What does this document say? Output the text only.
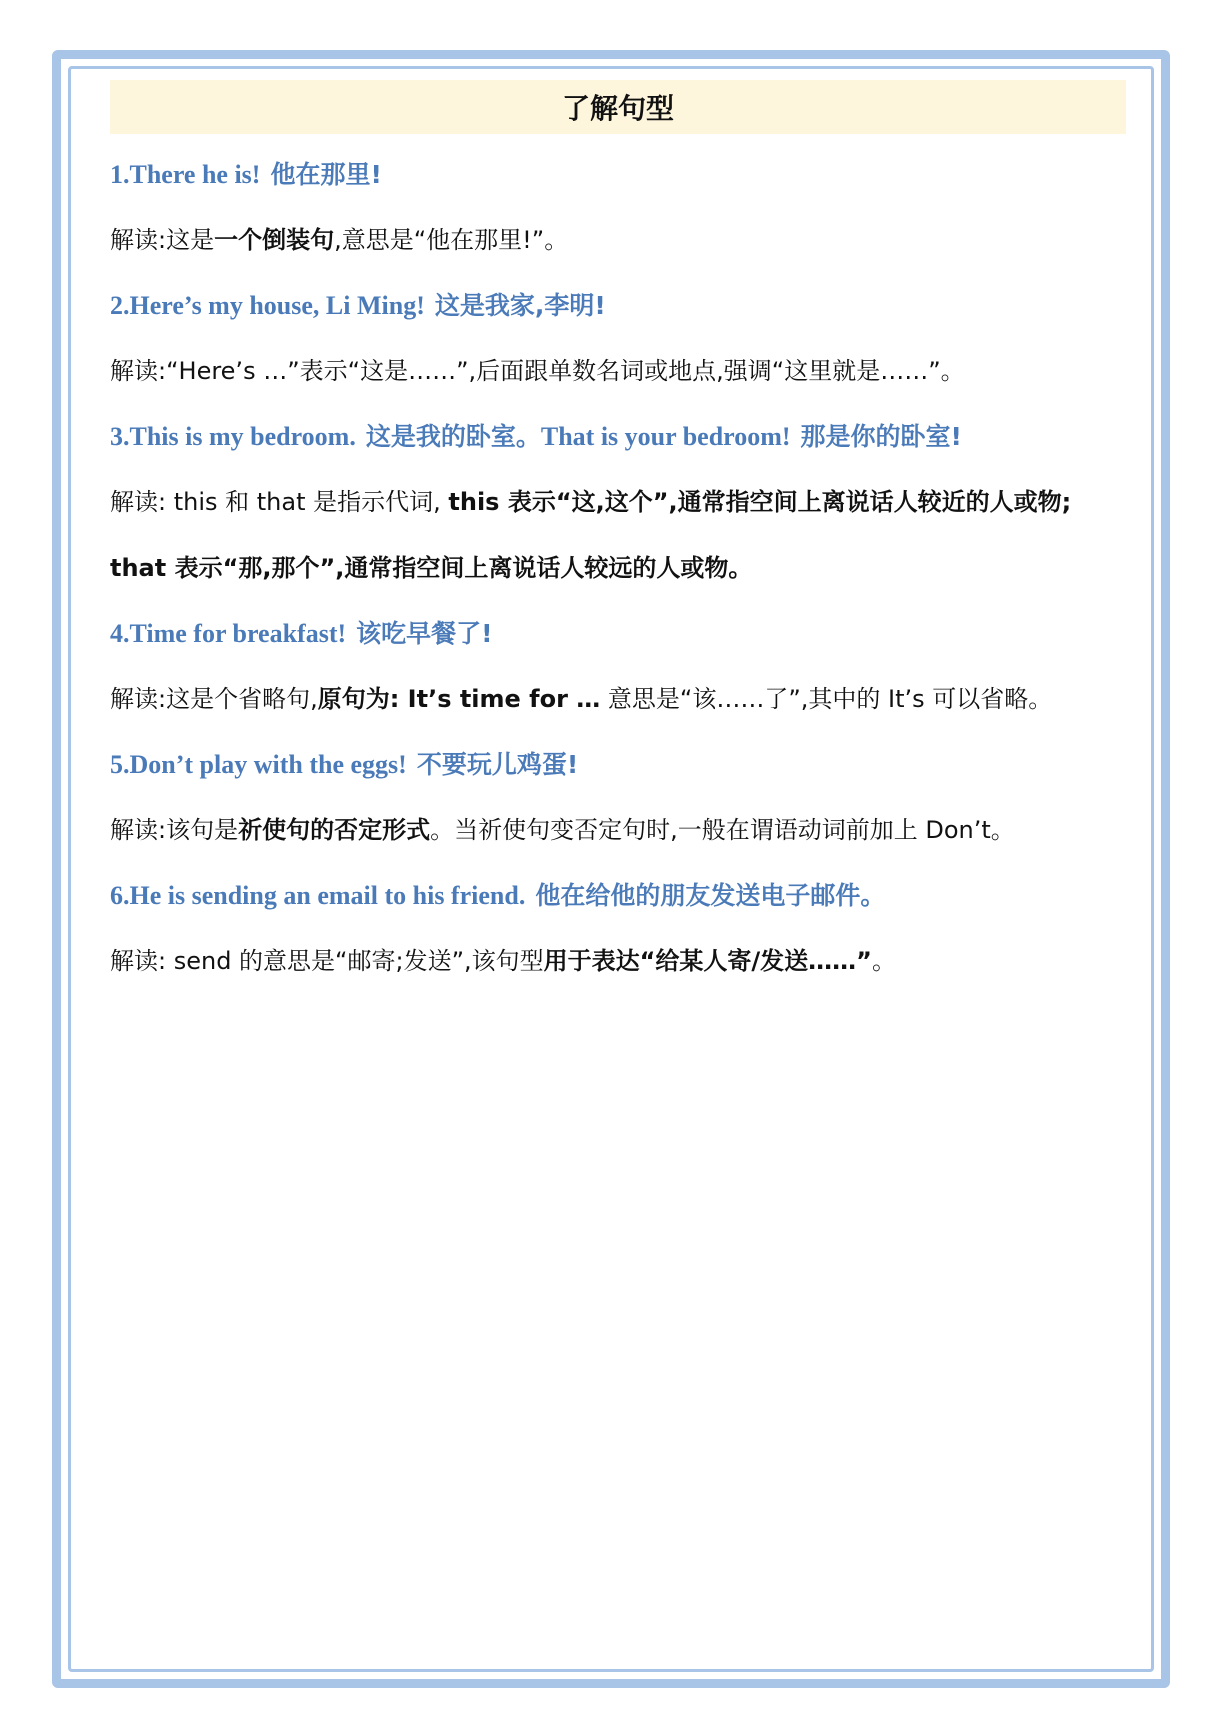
了解句型
1.There he is! 他在那里!
解读:这是一个倒装句,意思是“他在那里!”。
2.Here’s my house, Li Ming! 这是我家,李明!
解读:“Here’s …”表示“这是……”,后面跟单数名词或地点,强调“这里就是……”。
3.This is my bedroom. 这是我的卧室。That is your bedroom! 那是你的卧室!
解读: this 和 that 是指示代词, this 表示“这,这个”,通常指空间上离说话人较近的人或物; that 表示“那,那个”,通常指空间上离说话人较远的人或物。
4.Time for breakfast! 该吃早餐了!
解读:这是个省略句,原句为: It’s time for … 意思是“该……了”,其中的 It’s 可以省略。
5.Don’t play with the eggs! 不要玩儿鸡蛋!
解读:该句是祈使句的否定形式。当祈使句变否定句时,一般在谓语动词前加上 Don’t。
6.He is sending an email to his friend. 他在给他的朋友发送电子邮件。
解读: send 的意思是“邮寄;发送”,该句型用于表达“给某人寄/发送……”。
